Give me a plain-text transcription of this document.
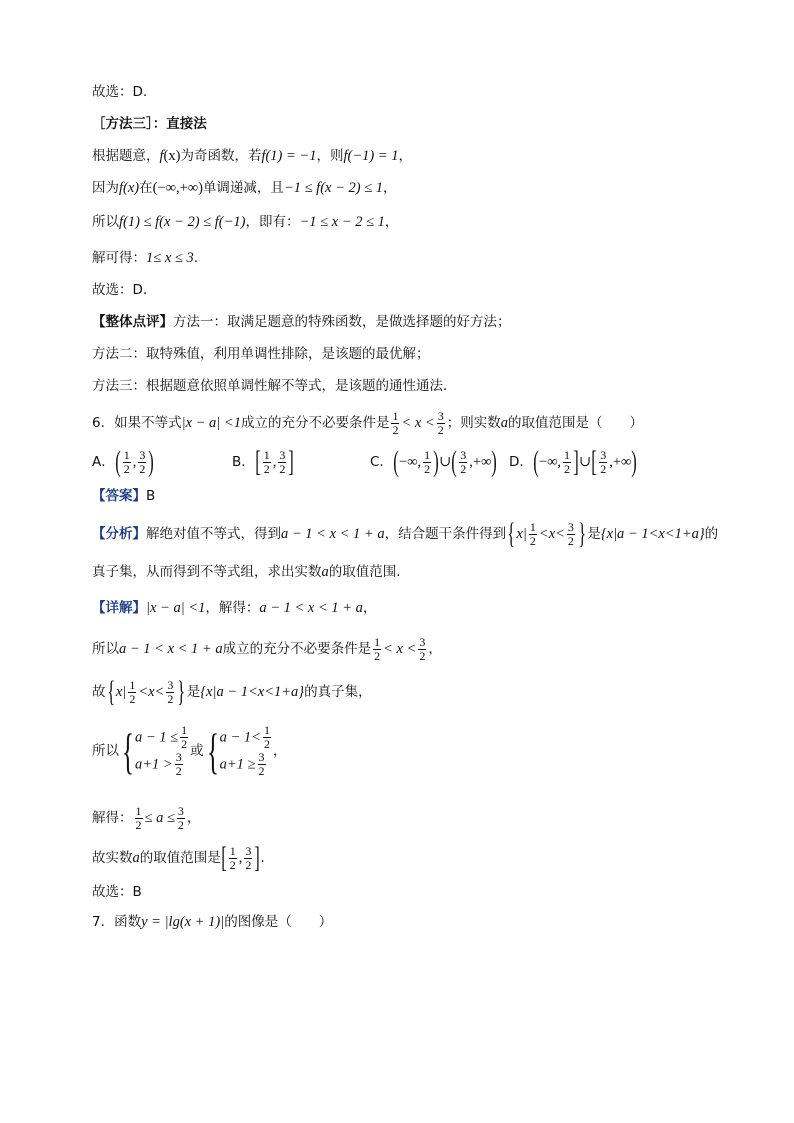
故选：D.
［方法三］：直接法
根据题意，f(x)为奇函数，若f(1) = −1，则f(−1) = 1，
因为f(x)在(−∞,+∞)单调递减，且−1 ≤ f(x − 2) ≤ 1，
所以f(1) ≤ f(x − 2) ≤ f(−1)，即有：−1 ≤ x − 2 ≤ 1，
解可得：1≤ x ≤ 3.
故选：D.
【整体点评】方法一：取满足题意的特殊函数，是做选择题的好方法；
方法二：取特殊值，利用单调性排除，是该题的最优解；
方法三：根据题意依照单调性解不等式，是该题的通性通法．
6．如果不等式|x − a| <1成立的充分不必要条件是 $\frac{1}{2} < x < \frac{3}{2}$ ；则实数a的取值范围是（　　）
A．( $\frac{1}{2}$ , $\frac{3}{2}$ )	B．[ $\frac{1}{2}$ , $\frac{3}{2}$ ]	C．(−∞, $\frac{1}{2}$ )∪( $\frac{3}{2}$ ,+∞) D．(−∞, $\frac{1}{2}$ ]∪[ $\frac{3}{2}$ ,+∞)
【答案】B
【分析】解绝对值不等式，得到a − 1 < x < 1 + a，结合题干条件得到{$x| \frac{1}{2} <x< \frac{3}{2}$ }是{x|a − 1<x<1+a}的
真子集，从而得到不等式组，求出实数a的取值范围.
【详解】|x − a| <1，解得：a − 1 < x < 1 + a，
所以a − 1 < x < 1 + a成立的充分不必要条件是 $\frac{1}{2} < x < \frac{3}{2}$ ，
故{$x| \frac{1}{2} <x< \frac{3}{2}$ }是{x|a − 1<x<1+a}的真子集，
所以{ $a - 1 \le \frac{1}{2}$
$a+1 > \frac{3}{2}$ 或{ $a - 1< \frac{1}{2}$
$a+1 \ge \frac{3}{2}$ ，
解得： $\frac{1}{2} \le a \le \frac{3}{2}$ ，
故实数a的取值范围是[ $\frac{1}{2}$ , $\frac{3}{2}$ ].
故选：B
7．函数y = |lg(x + 1)|的图像是（　　）
